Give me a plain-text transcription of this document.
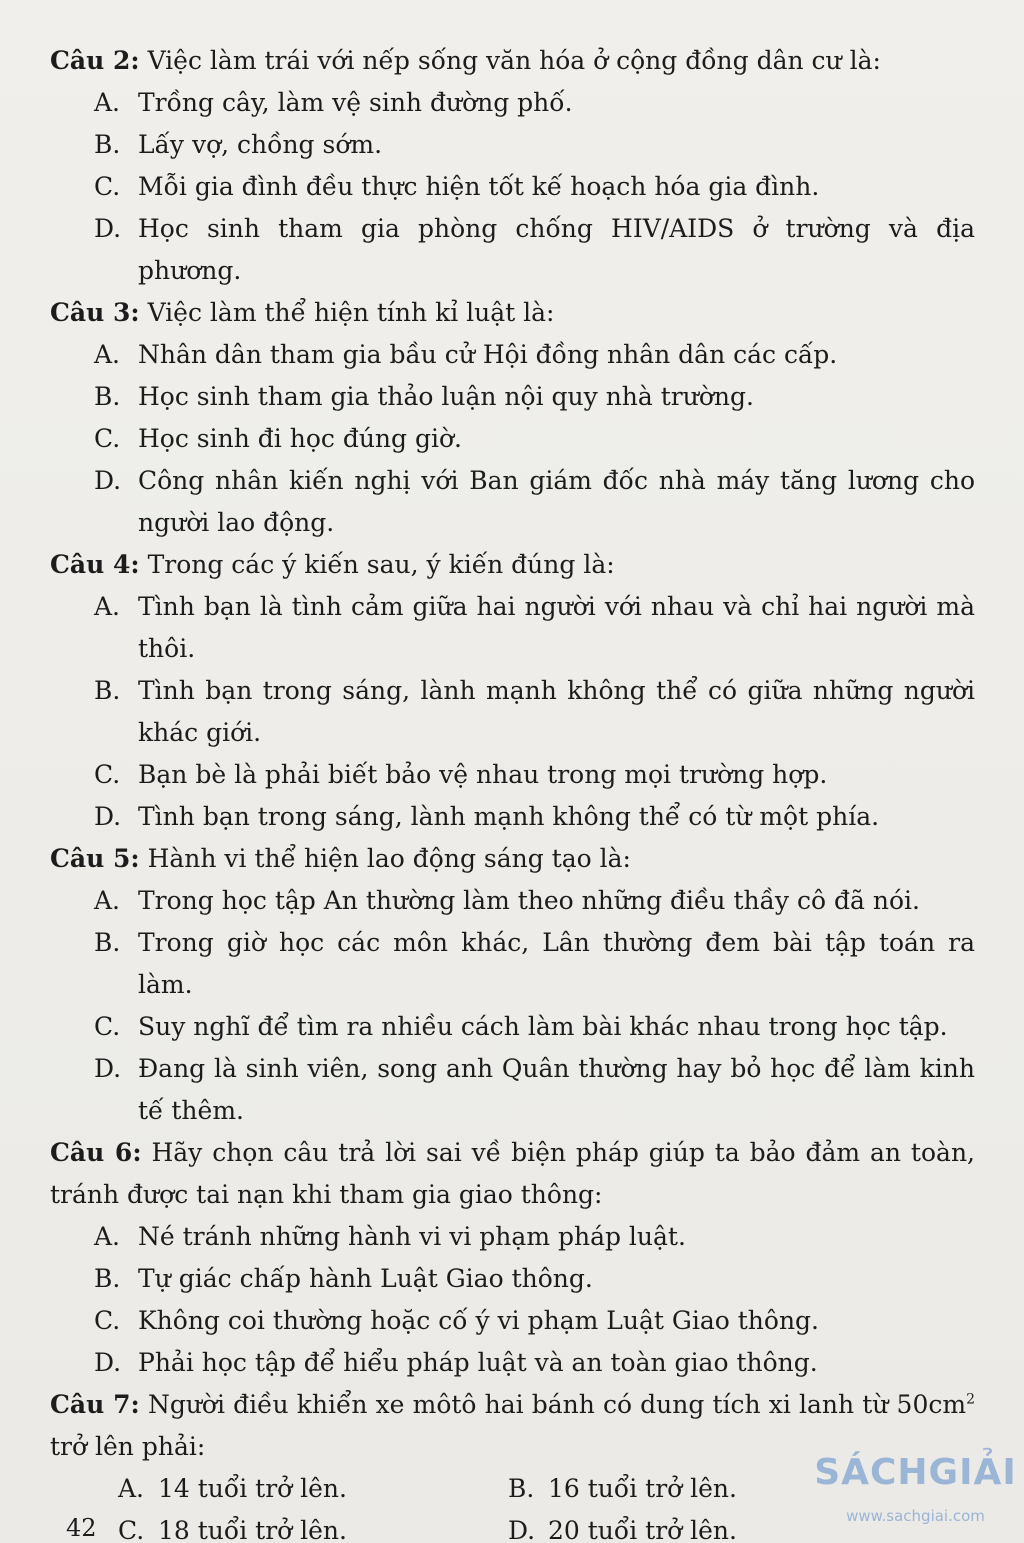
Câu 2: Việc làm trái với nếp sống văn hóa ở cộng đồng dân cư là:
A. Trồng cây, làm vệ sinh đường phố.
B. Lấy vợ, chồng sớm.
C. Mỗi gia đình đều thực hiện tốt kế hoạch hóa gia đình.
D. Học sinh tham gia phòng chống HIV/AIDS ở trường và địa phương.
Câu 3: Việc làm thể hiện tính kỉ luật là:
A. Nhân dân tham gia bầu cử Hội đồng nhân dân các cấp.
B. Học sinh tham gia thảo luận nội quy nhà trường.
C. Học sinh đi học đúng giờ.
D. Công nhân kiến nghị với Ban giám đốc nhà máy tăng lương cho người lao động.
Câu 4: Trong các ý kiến sau, ý kiến đúng là:
A. Tình bạn là tình cảm giữa hai người với nhau và chỉ hai người mà thôi.
B. Tình bạn trong sáng, lành mạnh không thể có giữa những người khác giới.
C. Bạn bè là phải biết bảo vệ nhau trong mọi trường hợp.
D. Tình bạn trong sáng, lành mạnh không thể có từ một phía.
Câu 5: Hành vi thể hiện lao động sáng tạo là:
A. Trong học tập An thường làm theo những điều thầy cô đã nói.
B. Trong giờ học các môn khác, Lân thường đem bài tập toán ra làm.
C. Suy nghĩ để tìm ra nhiều cách làm bài khác nhau trong học tập.
D. Đang là sinh viên, song anh Quân thường hay bỏ học để làm kinh tế thêm.
Câu 6: Hãy chọn câu trả lời sai về biện pháp giúp ta bảo đảm an toàn, tránh được tai nạn khi tham gia giao thông:
A. Né tránh những hành vi vi phạm pháp luật.
B. Tự giác chấp hành Luật Giao thông.
C. Không coi thường hoặc cố ý vi phạm Luật Giao thông.
D. Phải học tập để hiểu pháp luật và an toàn giao thông.
Câu 7: Người điều khiển xe môtô hai bánh có dung tích xi lanh từ $50cm^2$ trở lên phải:
A. 14 tuổi trở lên.	B. 16 tuổi trở lên.
C. 18 tuổi trở lên.	D. 20 tuổi trở lên.
42
SÁCHGIẢI
www.sachgiai.com
